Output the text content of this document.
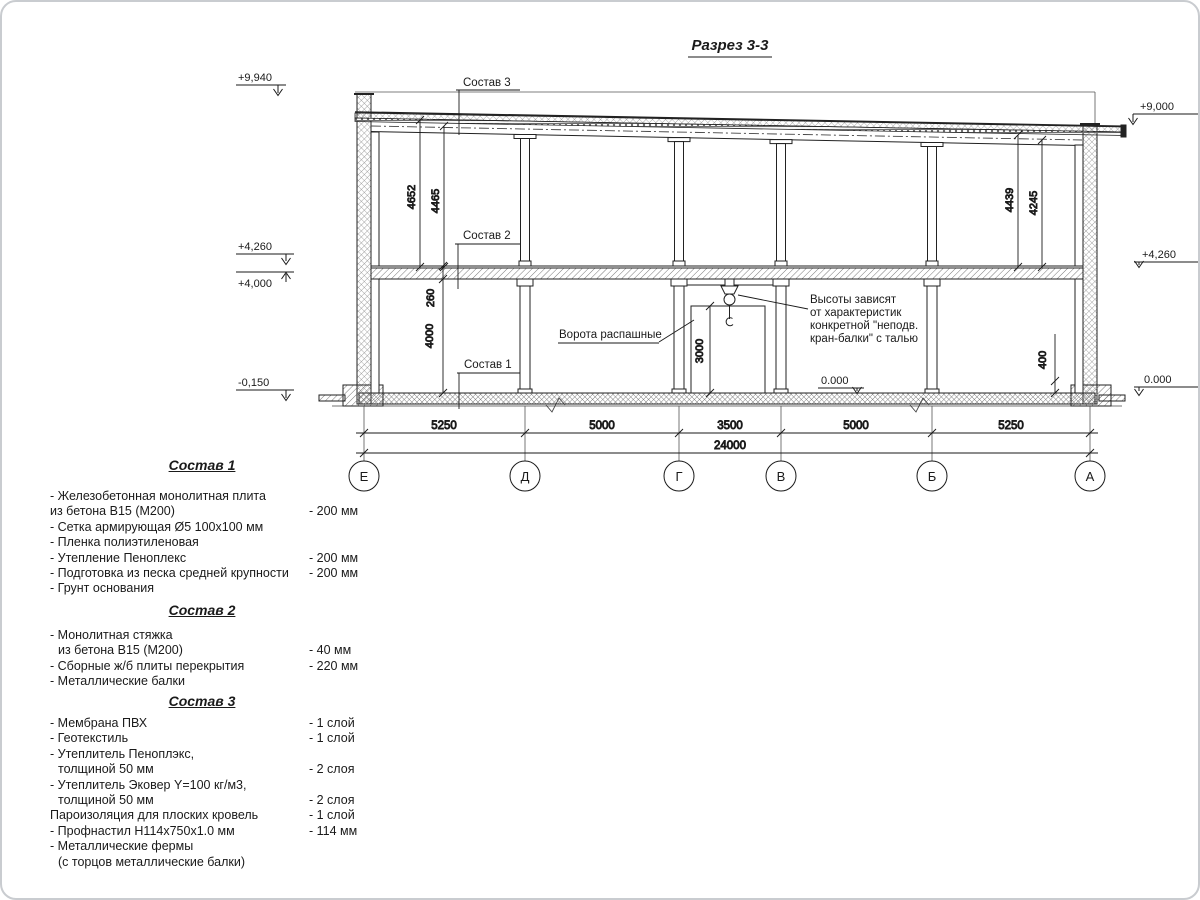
Разрез 3-3
4652 4465	4439 4245
260
4000
3000	400
+9,940
+4,260
+4,000
-0,150
+9,000
+4,260
0.000
0.000
Состав 3
Состав 2
Состав 1
Ворота распашные
Высоты зависят
от характеристик
конкретной "неподв.
кран-балки" с талью
5250	5000	3500	5000	5250
24000
Е	Д	Г	В	Б	А
Состав 1
- Железобетонная монолитная плита
из бетона В15 (М200)	- 200 мм
- Сетка армирующая Ø5 100х100 мм
- Пленка полиэтиленовая
- Утепление Пеноплекс	- 200 мм
- Подготовка из песка средней крупности - 200 мм
- Грунт основания
Состав 2
- Монолитная стяжка
из бетона В15 (М200)	- 40 мм
- Сборные ж/б плиты перекрытия	- 220 мм
- Металлические балки
Состав 3
- Мембрана ПВХ	- 1 слой
- Геотекстиль	- 1 слой
- Утеплитель Пеноплэкс,
толщиной 50 мм	- 2 слоя
- Утеплитель Эковер Y=100 кг/м3,
толщиной 50 мм	- 2 слоя
Пароизоляция для плоских кровель	- 1 слой
- Профнастил Н114х750х1.0 мм	- 114 мм
- Металлические фермы
(с торцов металлические балки)
